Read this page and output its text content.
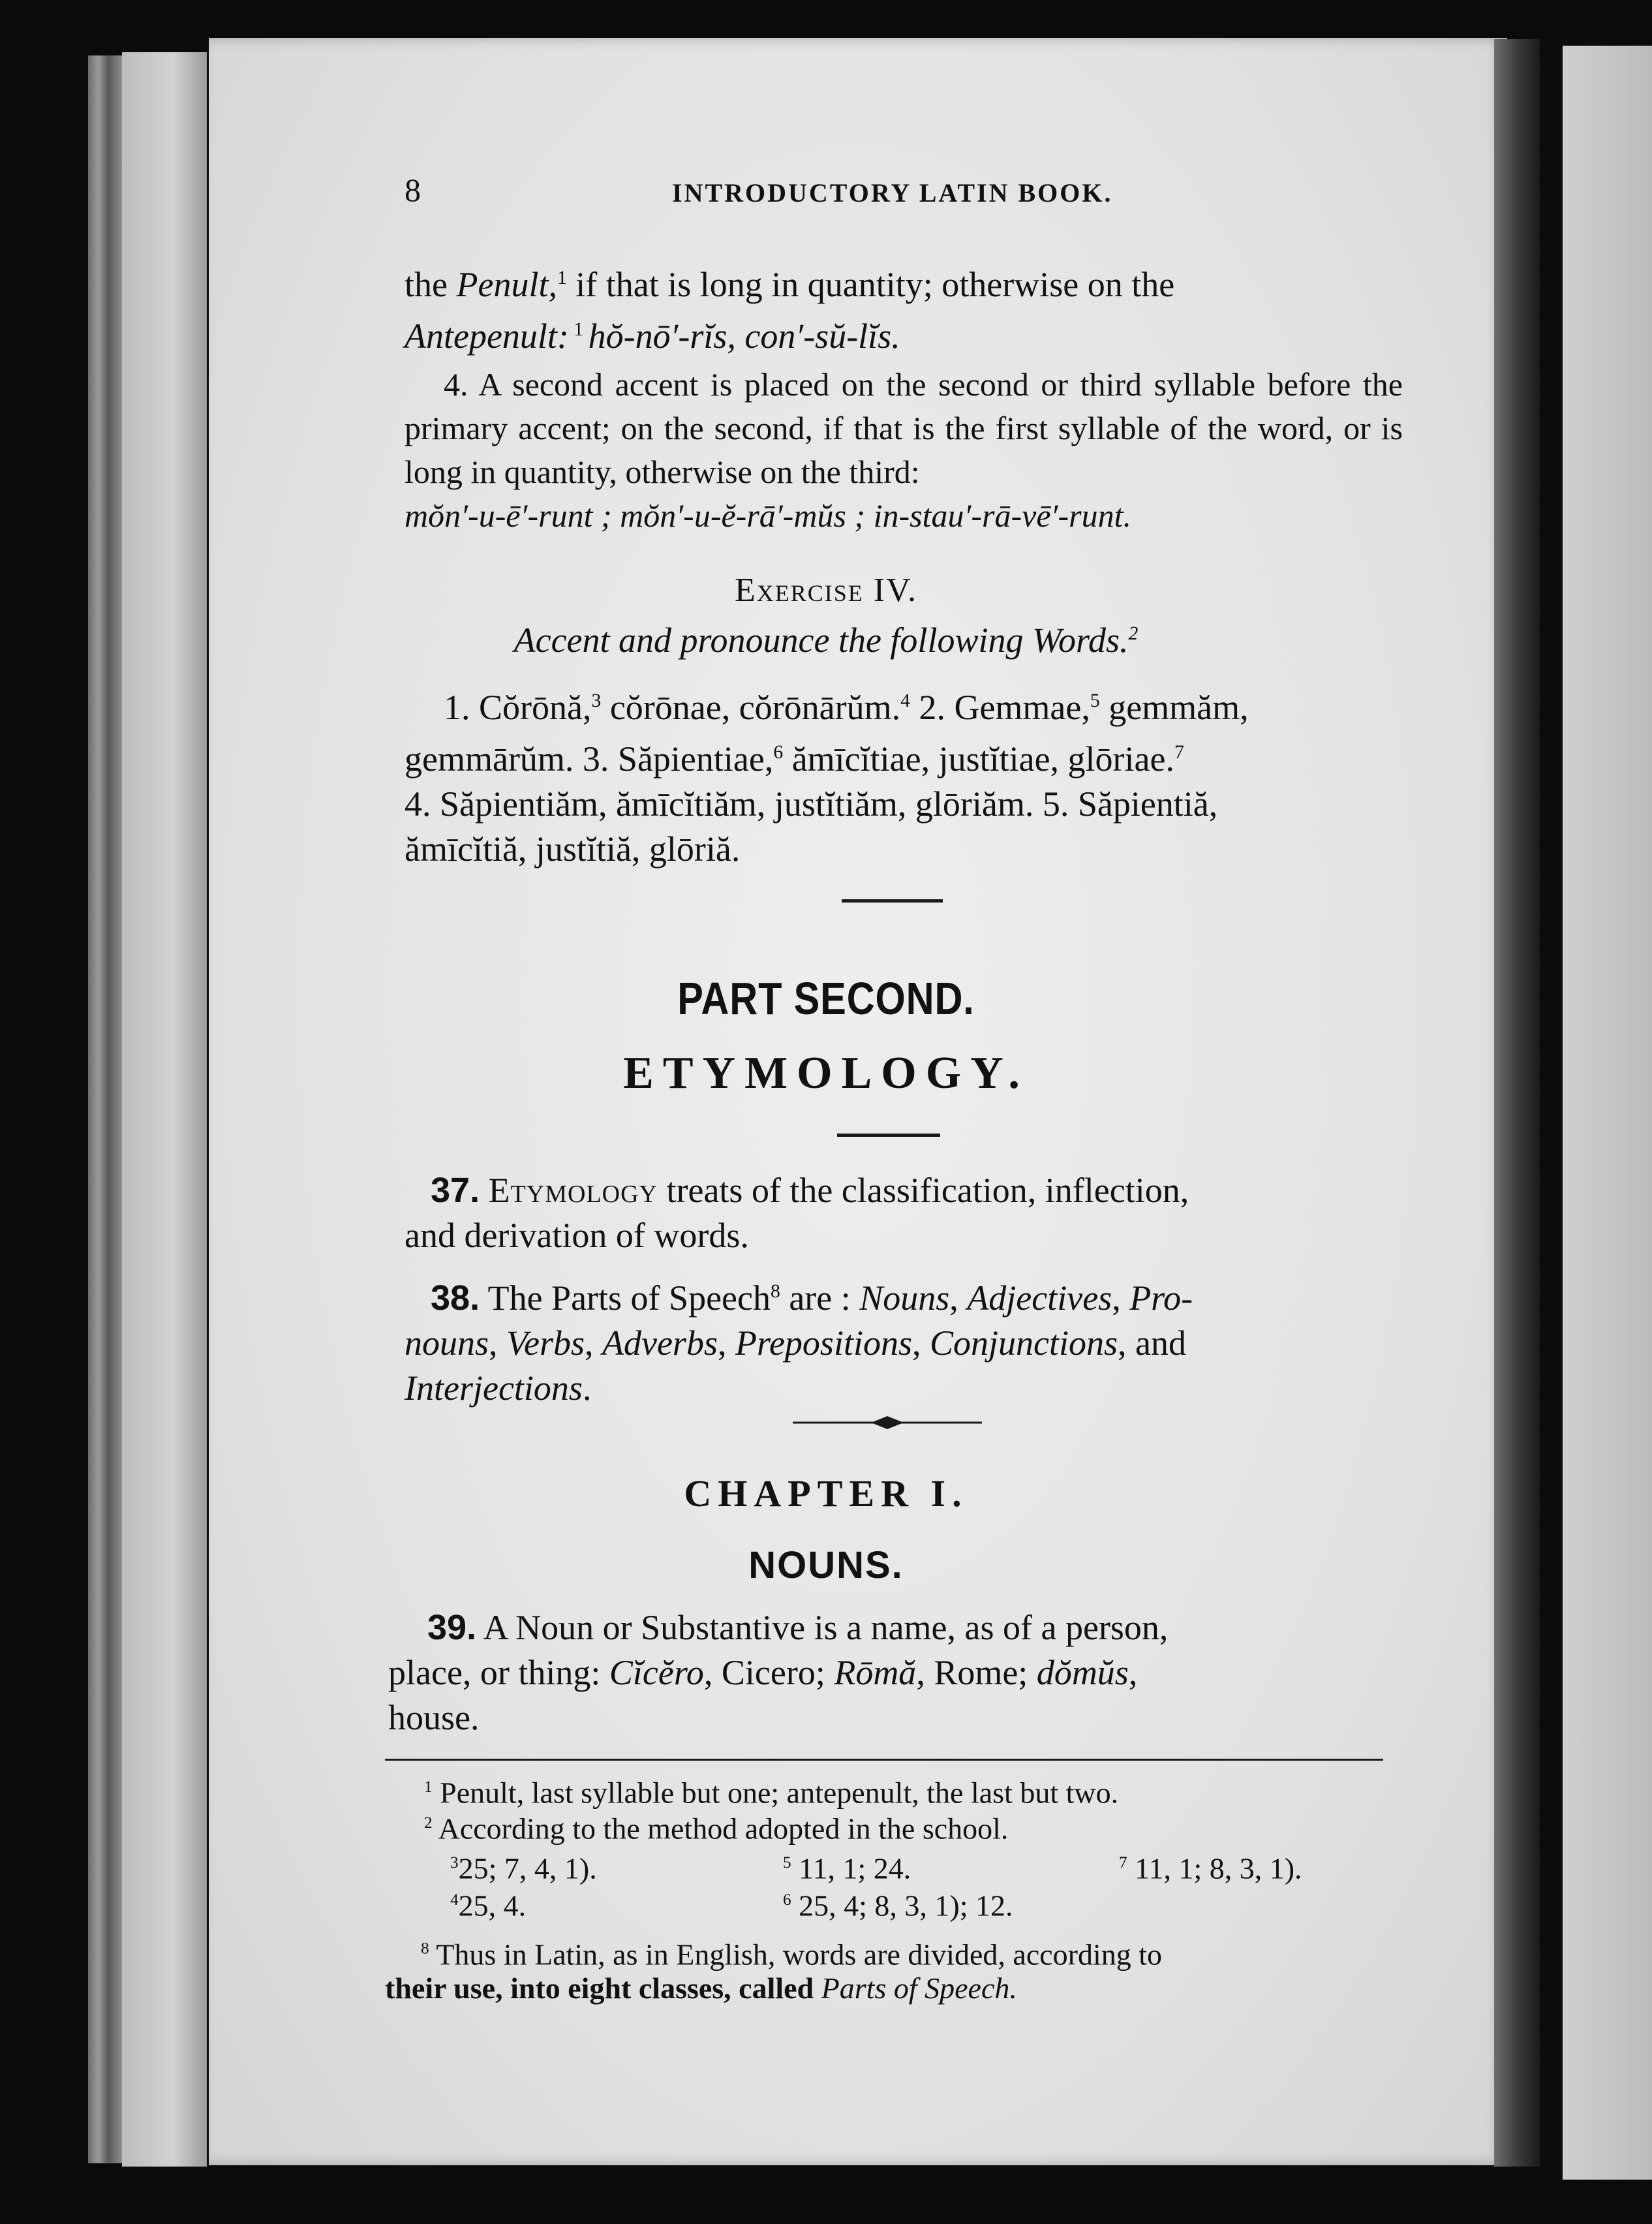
8	INTRODUCTORY LATIN BOOK.
the Penult,$^1$ if that is long in quantity; otherwise on the
Antepenult: $^1$ hŏ-nō′-rĭs, con′-sŭ-lĭs.
4. A second accent is placed on the second or third syllable before the primary accent; on the second, if that is the first syllable of the word, or is long in quantity, otherwise on the third:
mŏn′-u-ē′-runt ; mŏn′-u-ĕ-rā′-mŭs ; in-stau′-rā-vē′-runt.
Exercise IV.
Accent and pronounce the following Words.$^2$
1. Cŏrōnă,$^3$ cŏrōnae, cŏrōnārŭm.$^4$ 2. Gemmae,$^5$ gemmăm,
gemmārŭm. 3. Săpientiae,$^6$ ămīcĭtiae, justĭtiae, glōriae.$^7$
4. Săpientiăm, ămīcĭtiăm, justĭtiăm, glōriăm. 5. Săpientiă,
ămīcĭtiă, justĭtiă, glōriă.
PART SECOND.
ETYMOLOGY.
37. Etymology treats of the classification, inflection,
and derivation of words.
38. The Parts of Speech$^8$ are : Nouns, Adjectives, Pro-
nouns, Verbs, Adverbs, Prepositions, Conjunctions, and
Interjections.
CHAPTER I.
NOUNS.
39. A Noun or Substantive is a name, as of a person,
place, or thing: Cĭcĕro, Cicero; Rōmă, Rome; dŏmŭs,
house.
$^1$ Penult, last syllable but one; antepenult, the last but two.
$^2$ According to the method adopted in the school.
$^3$25; 7, 4, 1).	$^5$ 11, 1; 24.	$^7$ 11, 1; 8, 3, 1).
$^4$25, 4.	$^6$ 25, 4; 8, 3, 1); 12.
$^8$ Thus in Latin, as in English, words are divided, according to
their use, into eight classes, called Parts of Speech.
